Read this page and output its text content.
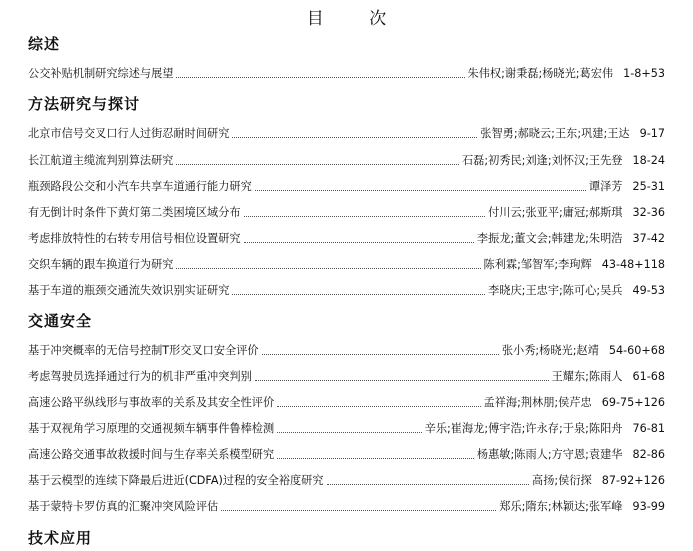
目 次
综述
公交补贴机制研究综述与展望	朱伟权;谢秉磊;杨晓光;葛宏伟 1-8+53
方法研究与探讨
北京市信号交叉口行人过街忍耐时间研究	张智勇;郝晓云;王东;巩建;王达 9-17
长江航道主缆流判别算法研究	石磊;初秀民;刘逢;刘怀汉;王先登 18-24
瓶颈路段公交和小汽车共享车道通行能力研究	谭泽芳 25-31
有无倒计时条件下黄灯第二类困境区域分布	付川云;张亚平;庸冠;郝斯琪 32-36
考虑排放特性的右转专用信号相位设置研究	李振龙;董文会;韩建龙;朱明浩 37-42
交织车辆的跟车换道行为研究	陈利霖;邹智军;李珣辉 43-48+118
基于车道的瓶颈交通流失效识别实证研究	李晓庆;王忠宇;陈可心;吴兵 49-53
交通安全
基于冲突概率的无信号控制T形交叉口安全评价	张小秀;杨晓光;赵靖 54-60+68
考虑驾驶员选择通过行为的机非严重冲突判别	王耀东;陈雨人 61-68
高速公路平纵线形与事故率的关系及其安全性评价	孟祥海;荆林朋;侯芹忠 69-75+126
基于双视角学习原理的交通视频车辆事件鲁棒检测	辛乐;崔海龙;傅宇浩;许永存;于泉;陈阳舟 76-81
高速公路交通事故救援时间与生存率关系模型研究	杨惠敏;陈雨人;方守恩;袁建华 82-86
基于云模型的连续下降最后进近(CDFA)过程的安全裕度研究	高扬;侯衍探 87-92+126
基于蒙特卡罗仿真的汇聚冲突风险评估	郑乐;隋东;林颖达;张军峰 93-99
技术应用
